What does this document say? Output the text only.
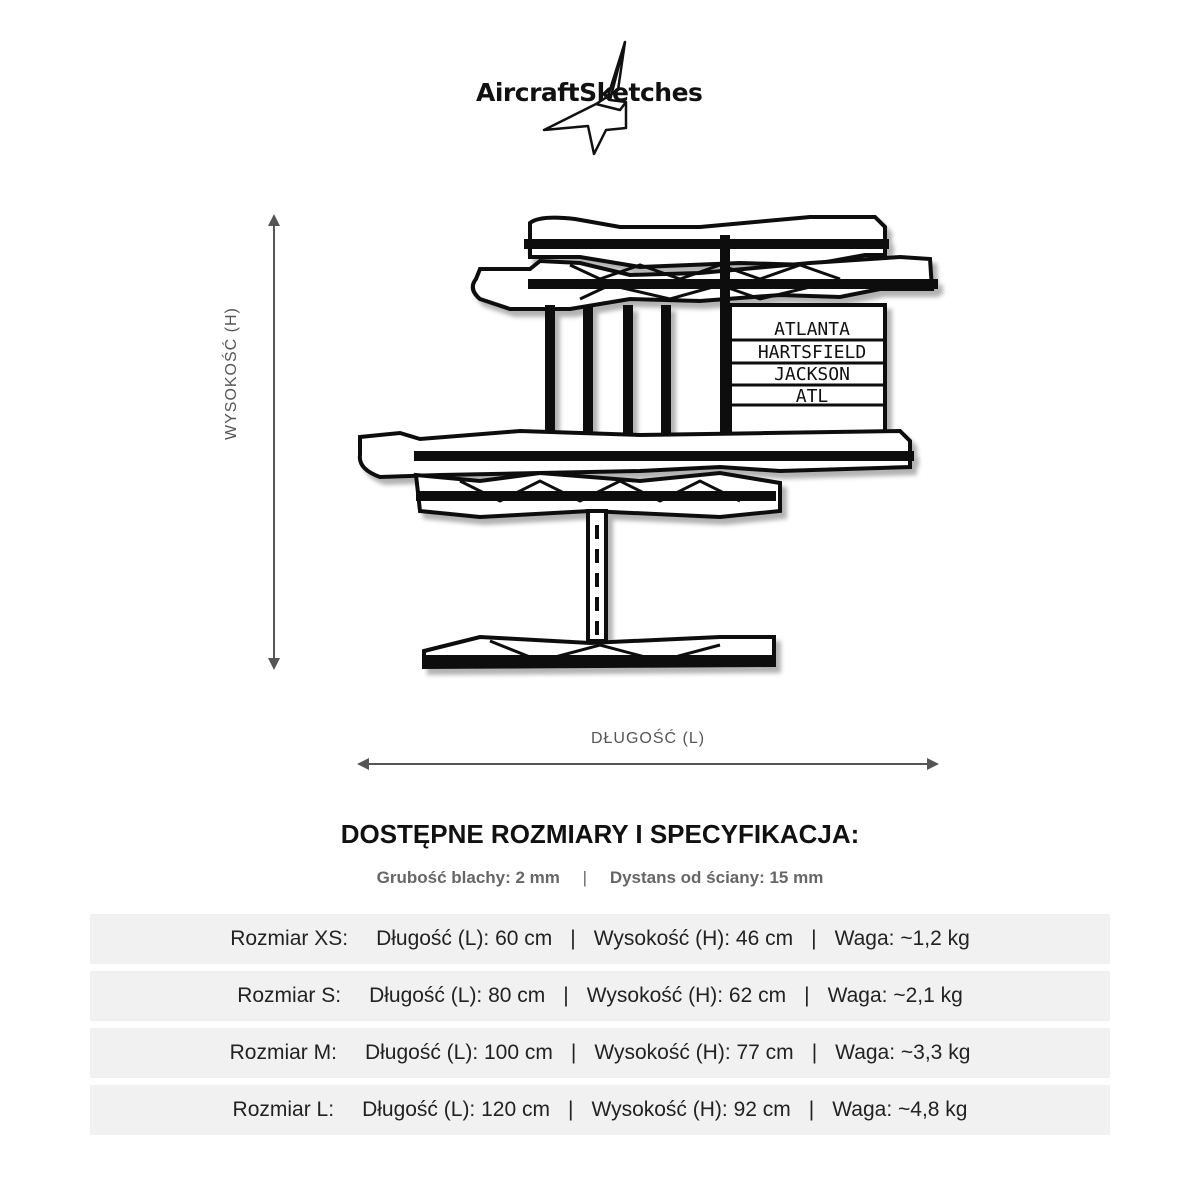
AircraftSketches
WYSOKOŚĆ (H)	ATLANTA
HARTSFIELD
JACKSON
ATL
DŁUGOŚĆ (L)
DOSTĘPNE ROZMIARY I SPECYFIKACJA:
Grubość blachy: 2 mm | Dystans od ściany: 15 mm
Rozmiar XS: Długość (L): 60 cm | Wysokość (H): 46 cm | Waga: ~1,2 kg
Rozmiar S: Długość (L): 80 cm | Wysokość (H): 62 cm | Waga: ~2,1 kg
Rozmiar M: Długość (L): 100 cm | Wysokość (H): 77 cm | Waga: ~3,3 kg
Rozmiar L: Długość (L): 120 cm | Wysokość (H): 92 cm | Waga: ~4,8 kg
